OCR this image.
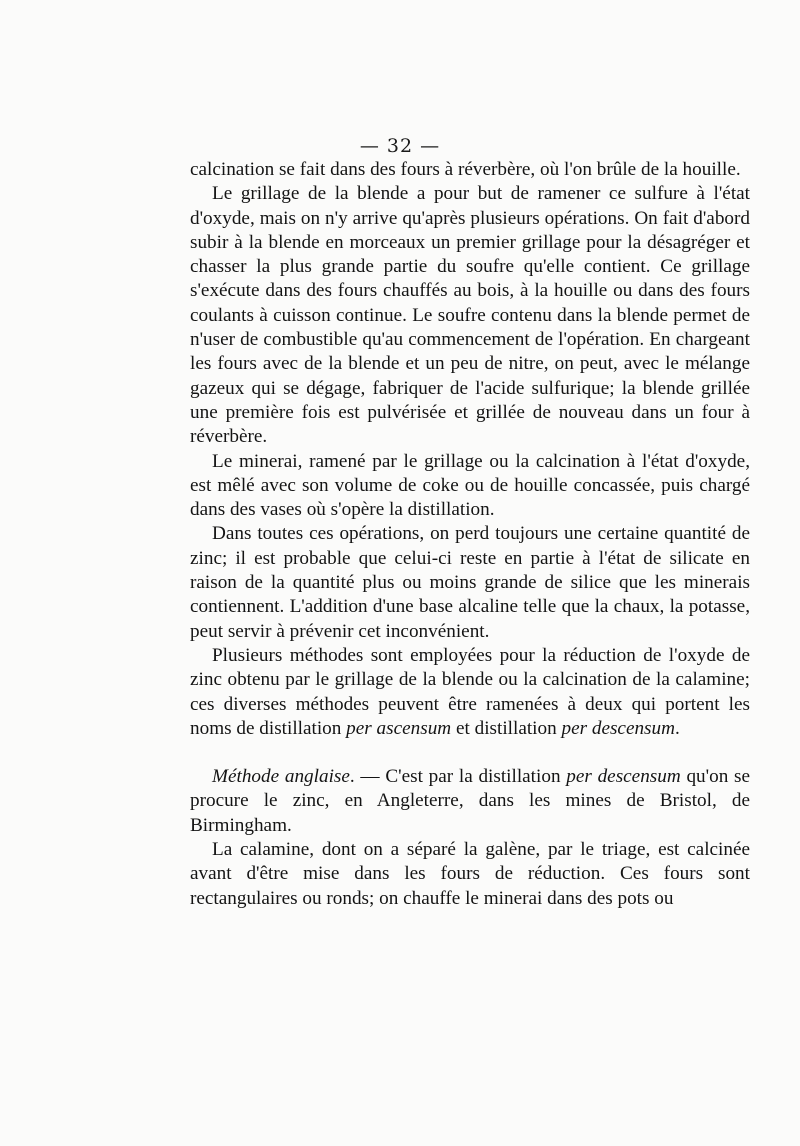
— 32 —

calcination se fait dans des fours à réverbère, où l'on brûle de la houille.

Le grillage de la blende a pour but de ramener ce sulfure à l'état d'oxyde, mais on n'y arrive qu'après plusieurs opérations. On fait d'abord subir à la blende en morceaux un premier grillage pour la désagréger et chasser la plus grande partie du soufre qu'elle contient. Ce grillage s'exécute dans des fours chauffés au bois, à la houille ou dans des fours coulants à cuisson continue. Le soufre contenu dans la blende permet de n'user de combustible qu'au commencement de l'opération. En chargeant les fours avec de la blende et un peu de nitre, on peut, avec le mélange gazeux qui se dégage, fabriquer de l'acide sulfurique; la blende grillée une première fois est pulvérisée et grillée de nouveau dans un four à réverbère.

Le minerai, ramené par le grillage ou la calcination à l'état d'oxyde, est mêlé avec son volume de coke ou de houille concassée, puis chargé dans des vases où s'opère la distillation.

Dans toutes ces opérations, on perd toujours une certaine quantité de zinc; il est probable que celui-ci reste en partie à l'état de silicate en raison de la quantité plus ou moins grande de silice que les minerais contiennent. L'addition d'une base alcaline telle que la chaux, la potasse, peut servir à prévenir cet inconvénient.

Plusieurs méthodes sont employées pour la réduction de l'oxyde de zinc obtenu par le grillage de la blende ou la calcination de la calamine; ces diverses méthodes peuvent être ramenées à deux qui portent les noms de distillation per ascensum et distillation per descensum.

Méthode anglaise. — C'est par la distillation per descensum qu'on se procure le zinc, en Angleterre, dans les mines de Bristol, de Birmingham.

La calamine, dont on a séparé la galène, par le triage, est calcinée avant d'être mise dans les fours de réduction. Ces fours sont rectangulaires ou ronds; on chauffe le minerai dans des pots ou
